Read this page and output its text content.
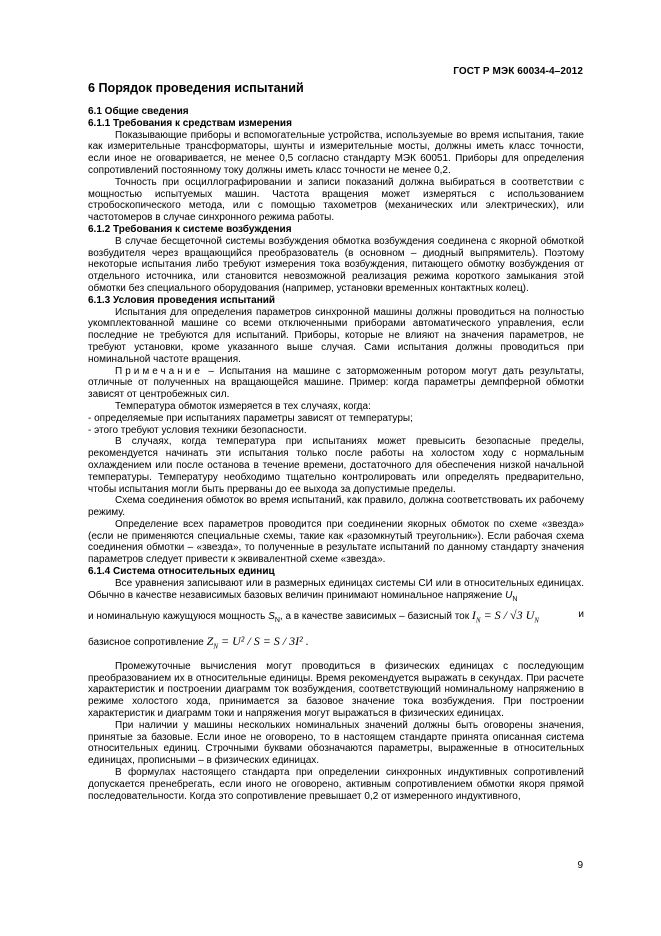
ГОСТ Р МЭК 60034-4–2012
6 Порядок проведения испытаний
6.1 Общие сведения
6.1.1 Требования к средствам измерения

Показывающие приборы и вспомогательные устройства, используемые во время испытания, такие как измерительные трансформаторы, шунты и измерительные мосты, должны иметь класс точности, если иное не оговаривается, не менее 0,5 согласно стандарту МЭК 60051. Приборы для определения сопротивлений постоянному току должны иметь класс точности не менее 0,2.

Точность при осциллографировании и записи показаний должна выбираться в соответствии с мощностью испытуемых машин. Частота вращения может измеряться с использованием стробоскопического метода, или с помощью тахометров (механических или электрических), или частотомеров в случае синхронного режима работы.

6.1.2 Требования к системе возбуждения

В случае бесщеточной системы возбуждения обмотка возбуждения соединена с якорной обмоткой возбудителя через вращающийся преобразователь (в основном – диодный выпрямитель). Поэтому некоторые испытания либо требуют измерения тока возбуждения, питающего обмотку возбуждения от отдельного источника, или становится невозможной реализация режима короткого замыкания этой обмотки без специального оборудования (например, установки временных контактных колец).

6.1.3 Условия проведения испытаний

Испытания для определения параметров синхронной машины должны проводиться на полностью укомплектованной машине со всеми отключенными приборами автоматического управления, если последние не требуются для испытаний. Приборы, которые не влияют на значения параметров, не требуют установки, кроме указанного выше случая. Сами испытания должны проводиться при номинальной частоте вращения.

Примечание – Испытания на машине с заторможенным ротором могут дать результаты, отличные от полученных на вращающейся машине. Пример: когда параметры демпферной обмотки зависят от центробежных сил.

Температура обмоток измеряется в тех случаях, когда:

- определяемые при испытаниях параметры зависят от температуры;

- этого требуют условия техники безопасности.

В случаях, когда температура при испытаниях может превысить безопасные пределы, рекомендуется начинать эти испытания только после работы на холостом ходу с нормальным охлаждением или после останова в течение времени, достаточного для обеспечения низкой начальной температуры. Температуру необходимо тщательно контролировать или определять предварительно, чтобы испытания могли быть прерваны до ее выхода за допустимые пределы.

Схема соединения обмоток во время испытаний, как правило, должна соответствовать их рабочему режиму.

Определение всех параметров проводится при соединении якорных обмоток по схеме «звезда» (если не применяются специальные схемы, такие как «разомкнутый треугольник»). Если рабочая схема соединения обмотки – «звезда», то полученные в результате испытаний по данному стандарту значения параметров следует привести к эквивалентной схеме «звезда».

6.1.4 Система относительных единиц

Все уравнения записывают или в размерных единицах системы СИ или в относительных единицах. Обычно в качестве независимых базовых величин принимают номинальное напряжение $U_N$

и номинальную кажущуюся мощность $S_N$, а в качестве зависимых – базисный ток $I_N = S / √3$ $U_N$
и
базисное сопротивление $Z_N = U^2 / S = S / 3I^2$ .

Промежуточные вычисления могут проводиться в физических единицах с последующим преобразованием их в относительные единицы. Время рекомендуется выражать в секундах. При расчете характеристик и построении диаграмм ток возбуждения, соответствующий номинальному напряжению в режиме холостого хода, принимается за базовое значение тока возбуждения. При построении характеристик и диаграмм токи и напряжения могут выражаться в физических единицах.

При наличии у машины нескольких номинальных значений должны быть оговорены значения, принятые за базовые. Если иное не оговорено, то в настоящем стандарте принята описанная система относительных единиц. Строчными буквами обозначаются параметры, выраженные в относительных единицах, прописными – в физических единицах.

В формулах настоящего стандарта при определении синхронных индуктивных сопротивлений допускается пренебрегать, если иного не оговорено, активным сопротивлением обмотки якоря прямой последовательности. Когда это сопротивление превышает 0,2 от измеренного индуктивного,

9
